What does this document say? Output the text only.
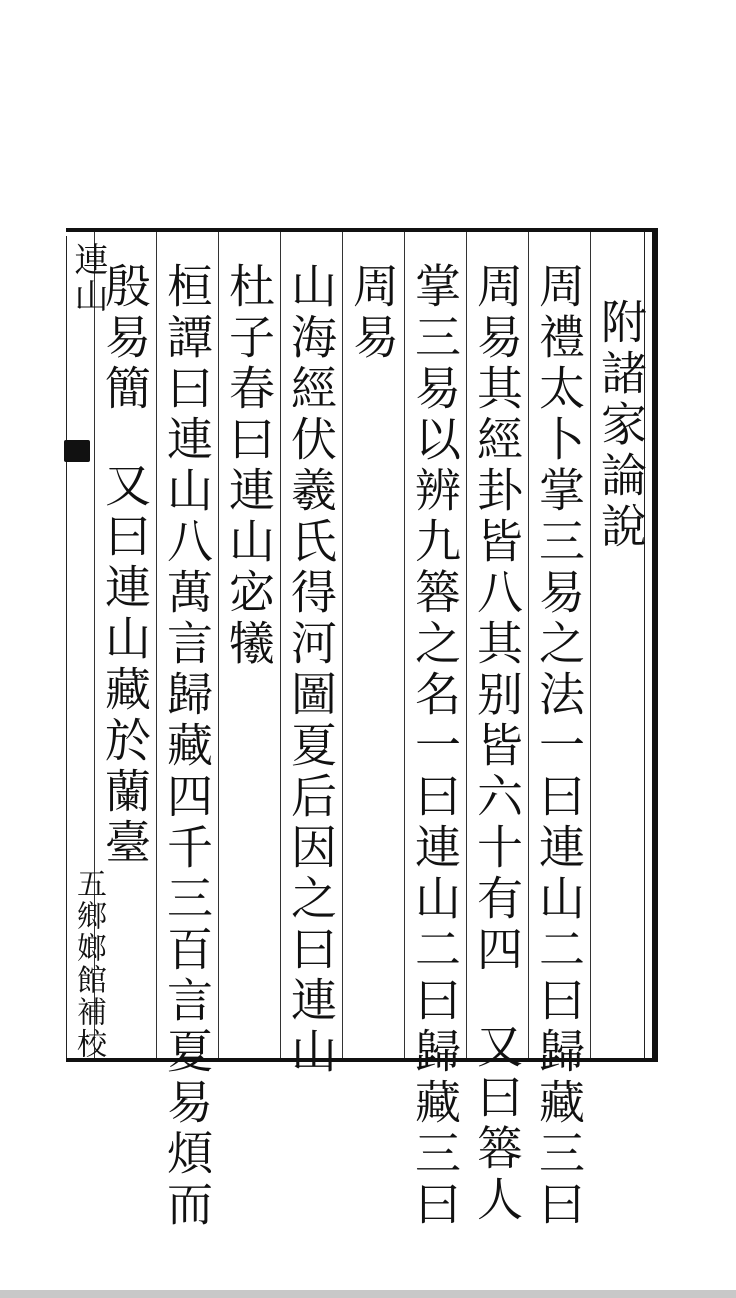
附諸家論說
周禮太卜掌三易之法一曰連山二曰歸藏三曰
周易其經卦皆八其别皆六十有四又曰簭人
掌三易以辨九簭之名一曰連山二曰歸藏三曰
周易
山海經伏羲氏得河圖夏后因之曰連山
杜子春曰連山宓犧
桓譚曰連山八萬言歸藏四千三百言夏易煩而
殷易簡又曰連山藏於蘭臺
連山
五鄉嫏館補校
